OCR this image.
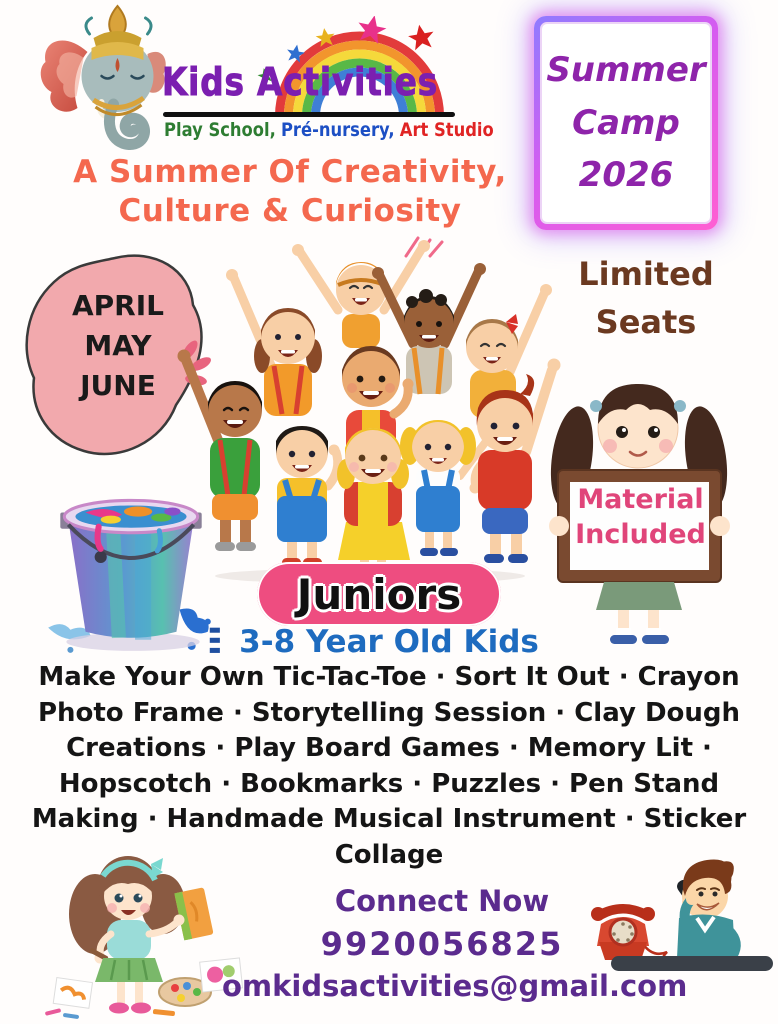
Kids Activities
Play School, Pré-nursery, Art Studio
Summer
Camp
2026
A Summer Of Creativity,
Culture & Curiosity
APRIL
MAY
JUNE
Limited
Seats
Material
Included
Juniors
3-8 Year Old Kids

Make Your Own Tic-Tac-Toe · Sort It Out · Crayon Photo Frame · Storytelling Session · Clay Dough Creations · Play Board Games · Memory Lit · Hopscotch · Bookmarks · Puzzles · Pen Stand Making · Handmade Musical Instrument · Sticker Collage

Connect Now
9920056825
omkidsactivities@gmail.com
